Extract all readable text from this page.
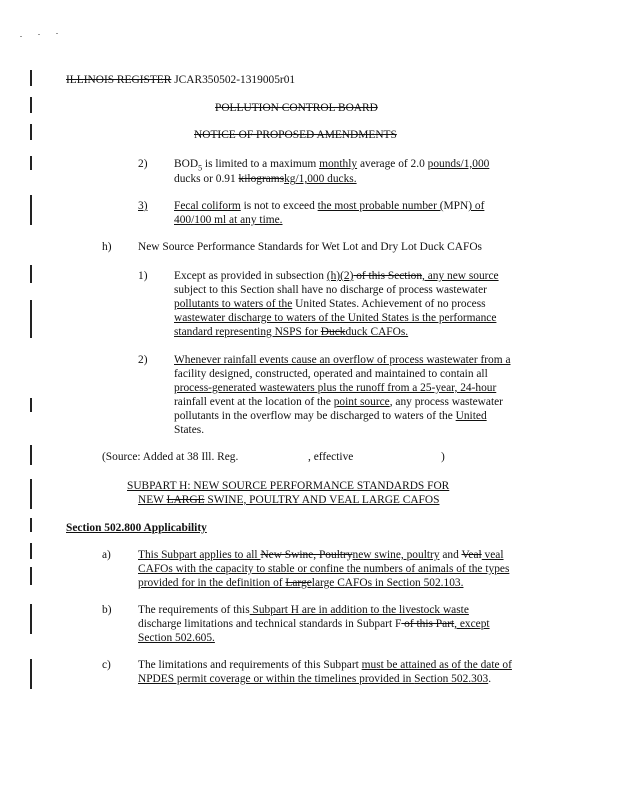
ILLINOIS REGISTER JCAR350502-1319005r01
POLLUTION CONTROL BOARD
NOTICE OF PROPOSED AMENDMENTS
2) $BOD_5$ is limited to a maximum monthly average of 2.0 pounds/1,000
ducks or 0.91 kilogramskg/1,000 ducks.
3) Fecal coliform is not to exceed the most probable number (MPN) of
400/100 ml at any time.
h) New Source Performance Standards for Wet Lot and Dry Lot Duck CAFOs
1) Except as provided in subsection (h)(2) of this Section, any new source
subject to this Section shall have no discharge of process wastewater
pollutants to waters of the United States. Achievement of no process
wastewater discharge to waters of the United States is the performance
standard representing NSPS for Duckduck CAFOs.
2) Whenever rainfall events cause an overflow of process wastewater from a
facility designed, constructed, operated and maintained to contain all
process-generated wastewaters plus the runoff from a 25-year, 24-hour
rainfall event at the location of the point source, any process wastewater
pollutants in the overflow may be discharged to waters of the United
States.
(Source: Added at 38 Ill. Reg.	, effective	)
SUBPART H: NEW SOURCE PERFORMANCE STANDARDS FOR
NEW LARGE SWINE, POULTRY AND VEAL LARGE CAFOS
Section 502.800 Applicability
a) This Subpart applies to all New Swine, Poultrynew swine, poultry and Veal veal
CAFOs with the capacity to stable or confine the numbers of animals of the types
provided for in the definition of Largelarge CAFOs in Section 502.103.
b) The requirements of this Subpart H are in addition to the livestock waste
discharge limitations and technical standards in Subpart F of this Part, except
Section 502.605.
c) The limitations and requirements of this Subpart must be attained as of the date of
NPDES permit coverage or within the timelines provided in Section 502.303.
